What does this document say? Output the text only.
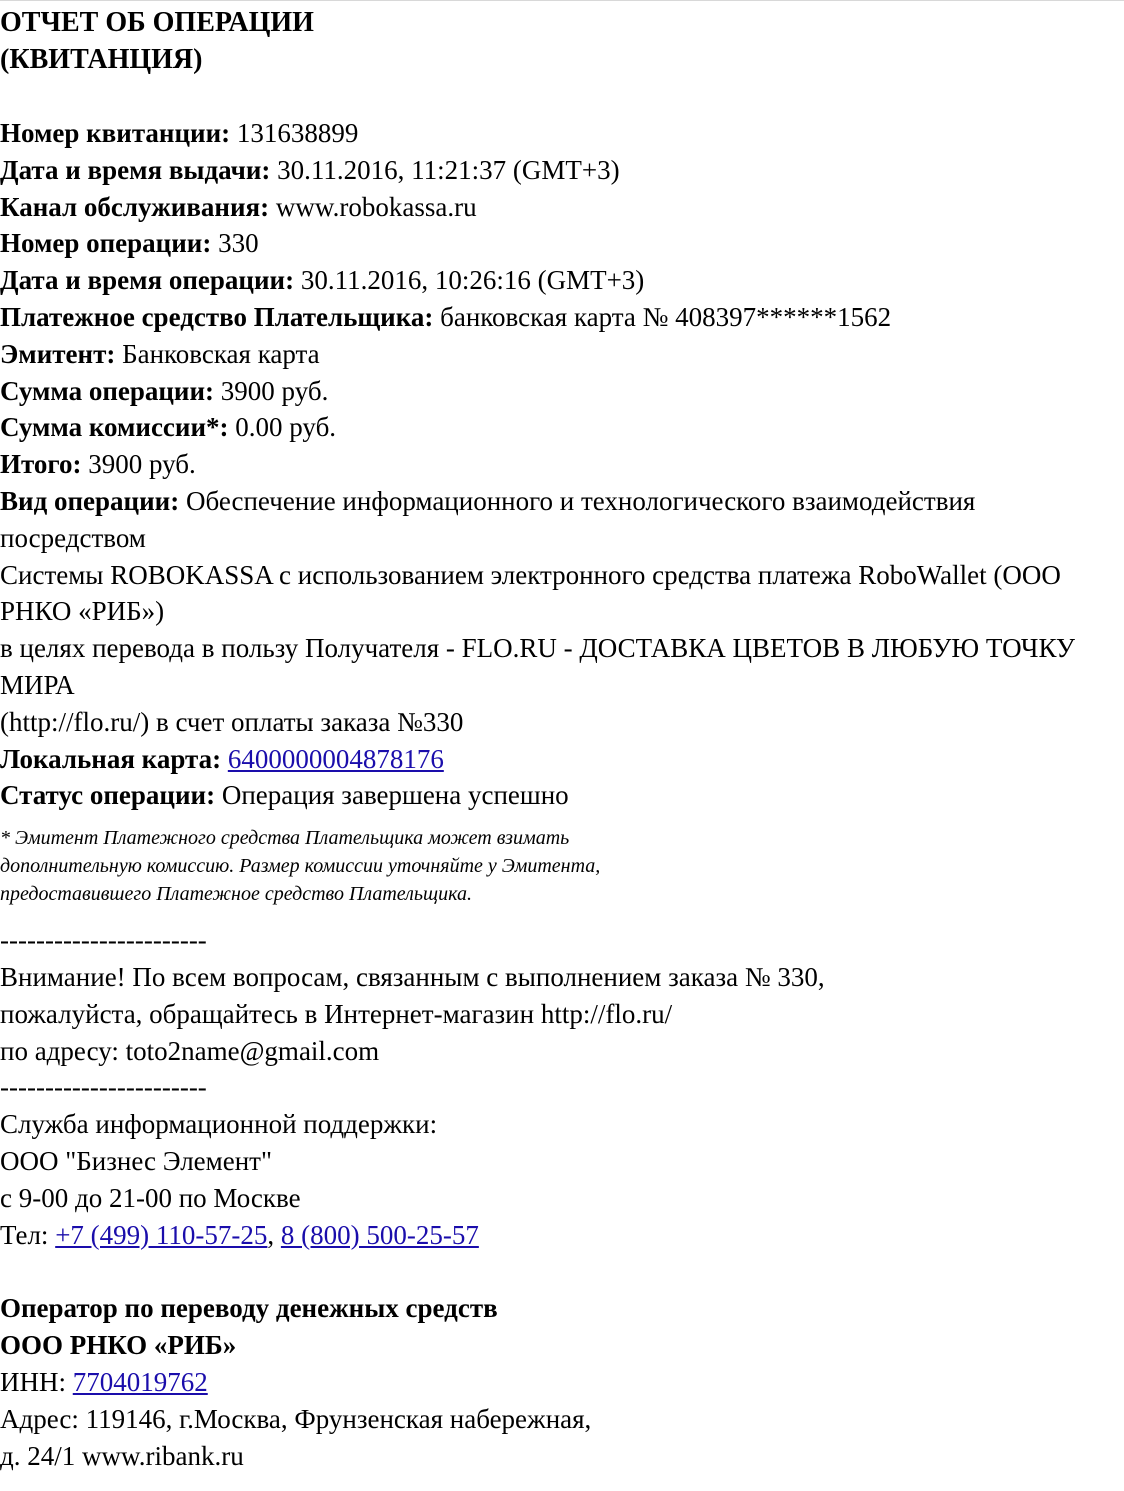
ОТЧЕТ ОБ ОПЕРАЦИИ
(КВИТАНЦИЯ)
Номер квитанции: 131638899
Дата и время выдачи: 30.11.2016, 11:21:37 (GMT+3)
Канал обслуживания: www.robokassa.ru
Номер операции: 330
Дата и время операции: 30.11.2016, 10:26:16 (GMT+3)
Платежное средство Плательщика: банковская карта № 408397******1562
Эмитент: Банковская карта
Сумма операции: 3900 руб.
Сумма комиссии*: 0.00 руб.
Итого: 3900 руб.
Вид операции: Обеспечение информационного и технологического взаимодействия посредством
Системы ROBOKASSA с использованием электронного средства платежа RoboWallet (ООО РНКО «РИБ»)
в целях перевода в пользу Получателя - FLO.RU - ДОСТАВКА ЦВЕТОВ В ЛЮБУЮ ТОЧКУ МИРА
(http://flo.ru/) в счет оплаты заказа №330
Локальная карта: 6400000004878176
Статус операции: Операция завершена успешно
* Эмитент Платежного средства Плательщика может взимать
дополнительную комиссию. Размер комиссии уточняйте у Эмитента,
предоставившего Платежное средство Плательщика.
-----------------------
Внимание! По всем вопросам, связанным с выполнением заказа № 330,
пожалуйста, обращайтесь в Интернет-магазин http://flo.ru/
по адресу: toto2name@gmail.com
-----------------------
Служба информационной поддержки:
ООО "Бизнес Элемент"
с 9-00 до 21-00 по Москве
Тел: +7 (499) 110-57-25, 8 (800) 500-25-57
Оператор по переводу денежных средств
ООО РНКО «РИБ»
ИНН: 7704019762
Адрес: 119146, г.Москва, Фрунзенская набережная,
д. 24/1 www.ribank.ru
